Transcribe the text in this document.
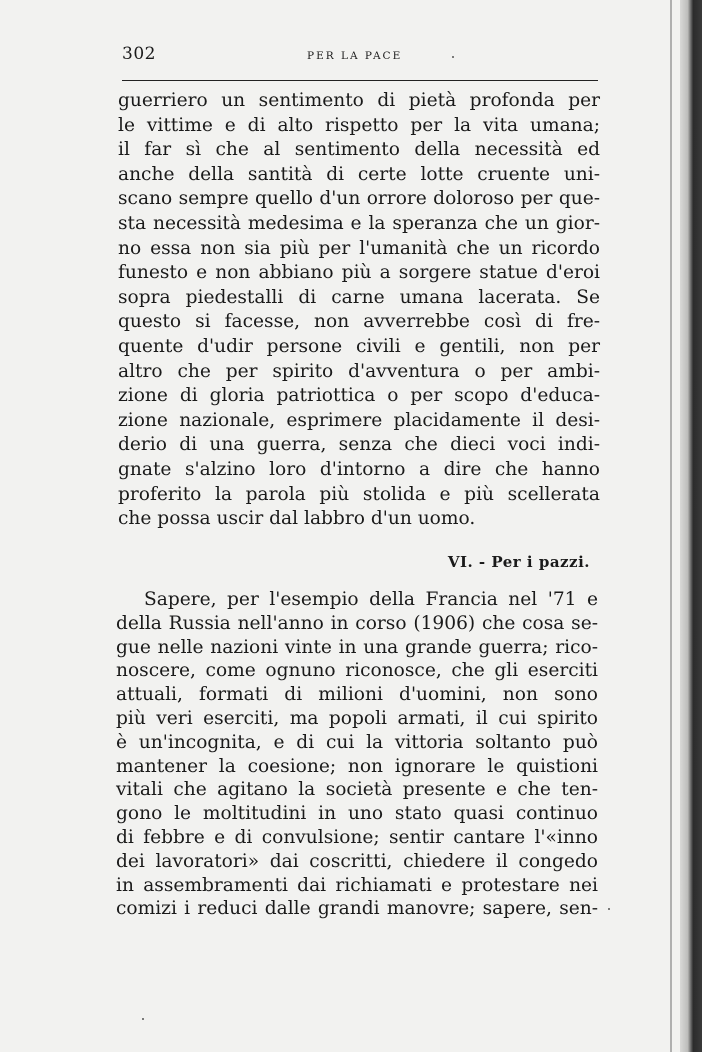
302	PER LA PACE
guerriero un sentimento di pietà profonda per
le vittime e di alto rispetto per la vita umana;
il far sì che al sentimento della necessità ed
anche della santità di certe lotte cruente uni-
scano sempre quello d'un orrore doloroso per que-
sta necessità medesima e la speranza che un gior-
no essa non sia più per l'umanità che un ricordo
funesto e non abbiano più a sorgere statue d'eroi
sopra piedestalli di carne umana lacerata. Se
questo si facesse, non avverrebbe così di fre-
quente d'udir persone civili e gentili, non per
altro che per spirito d'avventura o per ambi-
zione di gloria patriottica o per scopo d'educa-
zione nazionale, esprimere placidamente il desi-
derio di una guerra, senza che dieci voci indi-
gnate s'alzino loro d'intorno a dire che hanno
proferito la parola più stolida e più scellerata
che possa uscir dal labbro d'un uomo.
VI. - Per i pazzi.
Sapere, per l'esempio della Francia nel '71 e
della Russia nell'anno in corso (1906) che cosa se-
gue nelle nazioni vinte in una grande guerra; rico-
noscere, come ognuno riconosce, che gli eserciti
attuali, formati di milioni d'uomini, non sono
più veri eserciti, ma popoli armati, il cui spirito
è un'incognita, e di cui la vittoria soltanto può
mantener la coesione; non ignorare le quistioni
vitali che agitano la società presente e che ten-
gono le moltitudini in uno stato quasi continuo
di febbre e di convulsione; sentir cantare l'«inno
dei lavoratori» dai coscritti, chiedere il congedo
in assembramenti dai richiamati e protestare nei
comizi i reduci dalle grandi manovre; sapere, sen-
